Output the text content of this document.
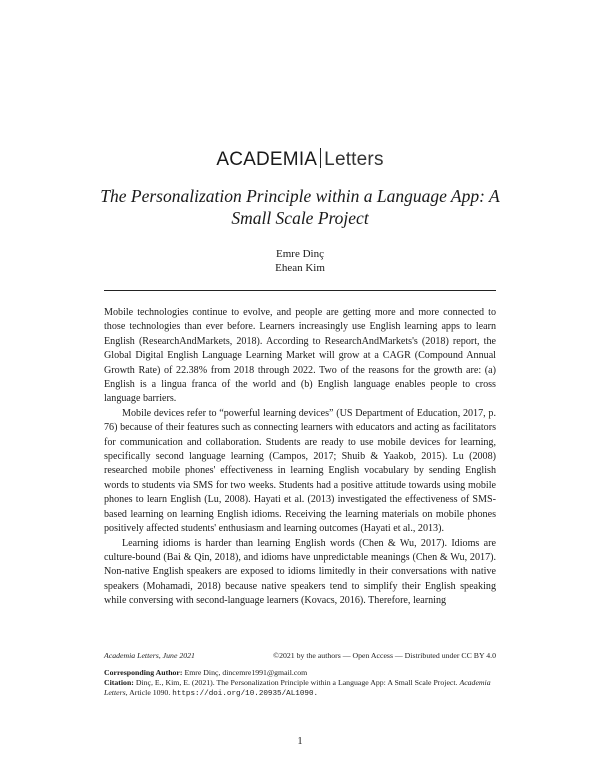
ACADEMIA Letters
The Personalization Principle within a Language App: A
Small Scale Project
Emre Dinç
Ehean Kim

Mobile technologies continue to evolve, and people are getting more and more connected to those technologies than ever before. Learners increasingly use English learning apps to learn English (ResearchAndMarkets, 2018). According to ResearchAndMarkets's (2018) report, the Global Digital English Language Learning Market will grow at a CAGR (Compound Annual Growth Rate) of 22.38% from 2018 through 2022. Two of the reasons for the growth are: (a) English is a lingua franca of the world and (b) English language enables people to cross language barriers.

Mobile devices refer to “powerful learning devices” (US Department of Education, 2017, p. 76) because of their features such as connecting learners with educators and acting as facilitators for communication and collaboration. Students are ready to use mobile devices for learning, specifically second language learning (Campos, 2017; Shuib & Yaakob, 2015). Lu (2008) researched mobile phones' effectiveness in learning English vocabulary by sending English words to students via SMS for two weeks. Students had a positive attitude towards using mobile phones to learn English (Lu, 2008). Hayati et al. (2013) investigated the effectiveness of SMS-based learning on learning English idioms. Receiving the learning materials on mobile phones positively affected students' enthusiasm and learning outcomes (Hayati et al., 2013).

Learning idioms is harder than learning English words (Chen & Wu, 2017). Idioms are culture-bound (Bai & Qin, 2018), and idioms have unpredictable meanings (Chen & Wu, 2017). Non-native English speakers are exposed to idioms limitedly in their conversations with native speakers (Mohamadi, 2018) because native speakers tend to simplify their English speaking while conversing with second-language learners (Kovacs, 2016). Therefore, learning

Academia Letters, June 2021	©2021 by the authors — Open Access — Distributed under CC BY 4.0
Corresponding Author: Emre Dinç, dincemre1991@gmail.com
Citation: Dinç, E., Kim, E. (2021). The Personalization Principle within a Language App: A Small Scale Project. Academia Letters, Article 1090. https://doi.org/10.20935/AL1090.
1
